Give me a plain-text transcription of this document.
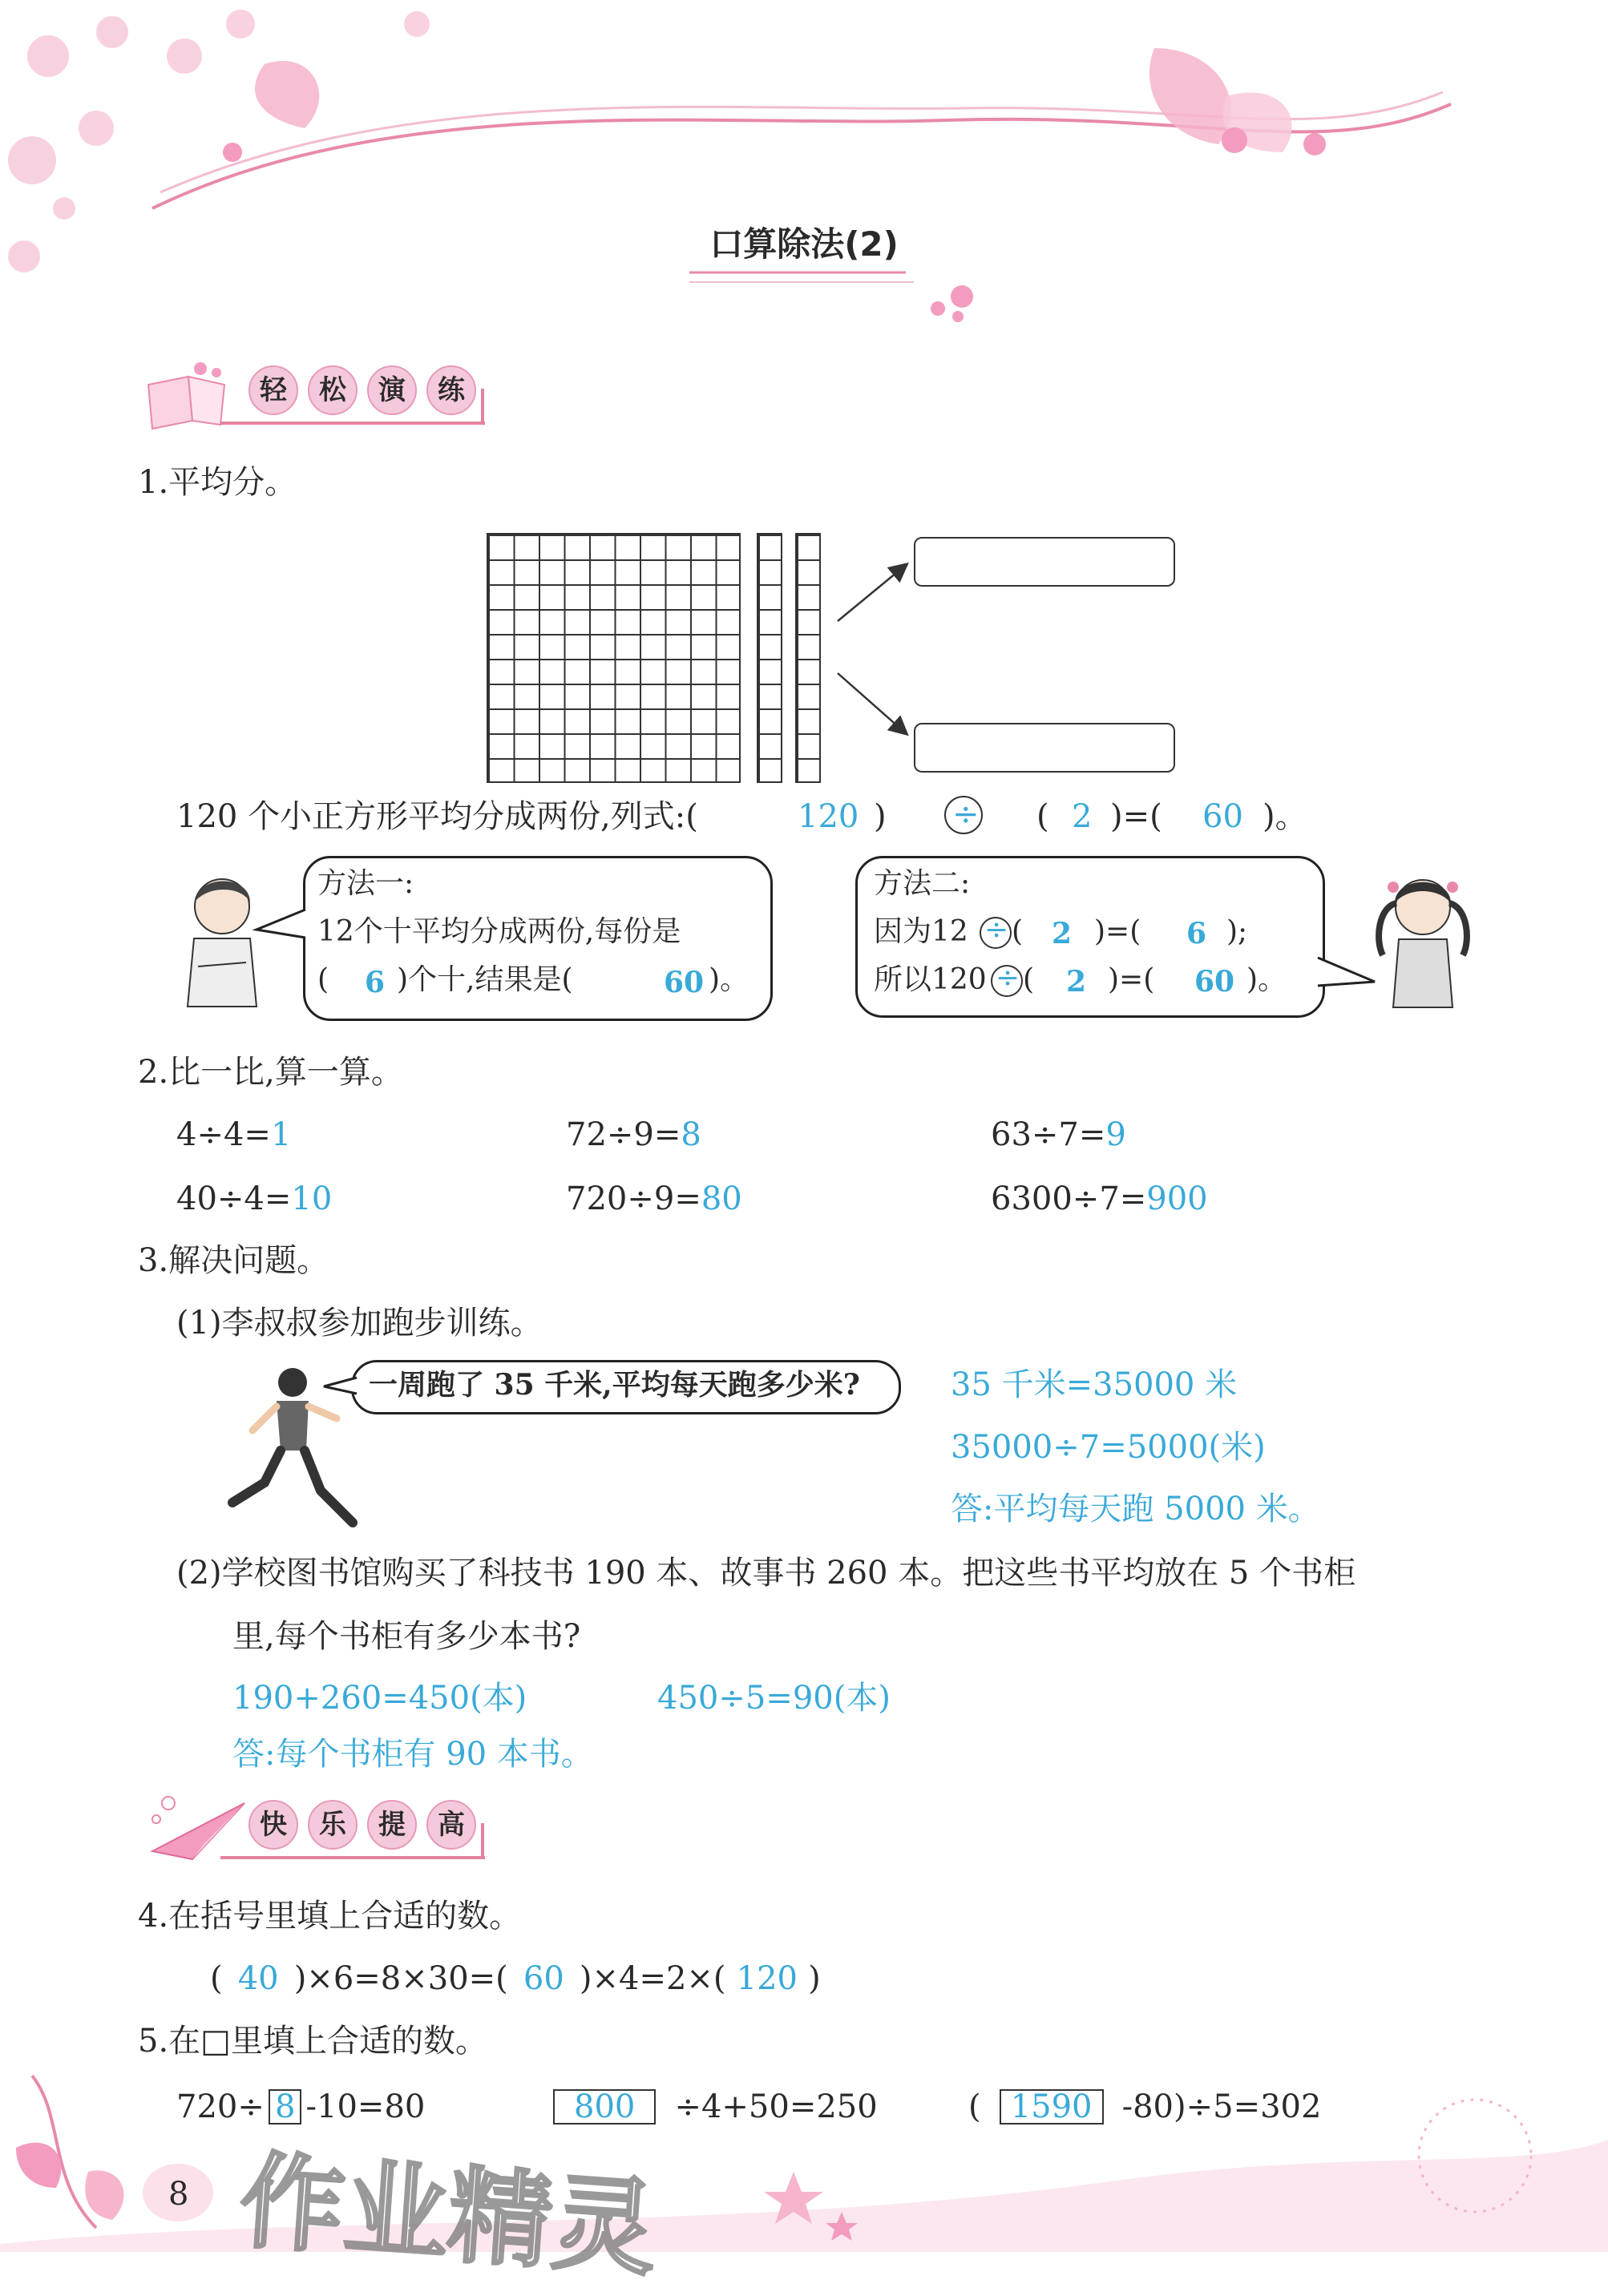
口算除法(2)
轻	松	演	练
1.平均分。
120 个小正方形平均分成两份,列式:(	120 ) ÷ ( 2 )=( 60 )。
方法一:
12个十平均分成两份,每份是
( 6 )个十,结果是(	60 )。
方法二:
因为12 ÷ ( 2 )=( 6 );
所以120 ÷ ( 2 )=( 60 )。
2.比一比,算一算。
4÷4=1	72÷9=8	63÷7=9
40÷4=10	720÷9=80	6300÷7=900
3.解决问题。
(1)李叔叔参加跑步训练。
一周跑了 35 千米,平均每天跑多少米?	35 千米=35000 米
35000÷7=5000(米)
答:平均每天跑 5000 米。
(2)学校图书馆购买了科技书 190 本、故事书 260 本。把这些书平均放在 5 个书柜
里,每个书柜有多少本书?
190+260=450(本)	450÷5=90(本)
答:每个书柜有 90 本书。
快	乐	提	高
4.在括号里填上合适的数。
( 40 )×6=8×30=( 60 )×4=2×( 120 )
5.在□里填上合适的数。
720÷ 8 -10=80	800 ÷4+50=250	( 1590 -80)÷5=302
8 作业精灵
